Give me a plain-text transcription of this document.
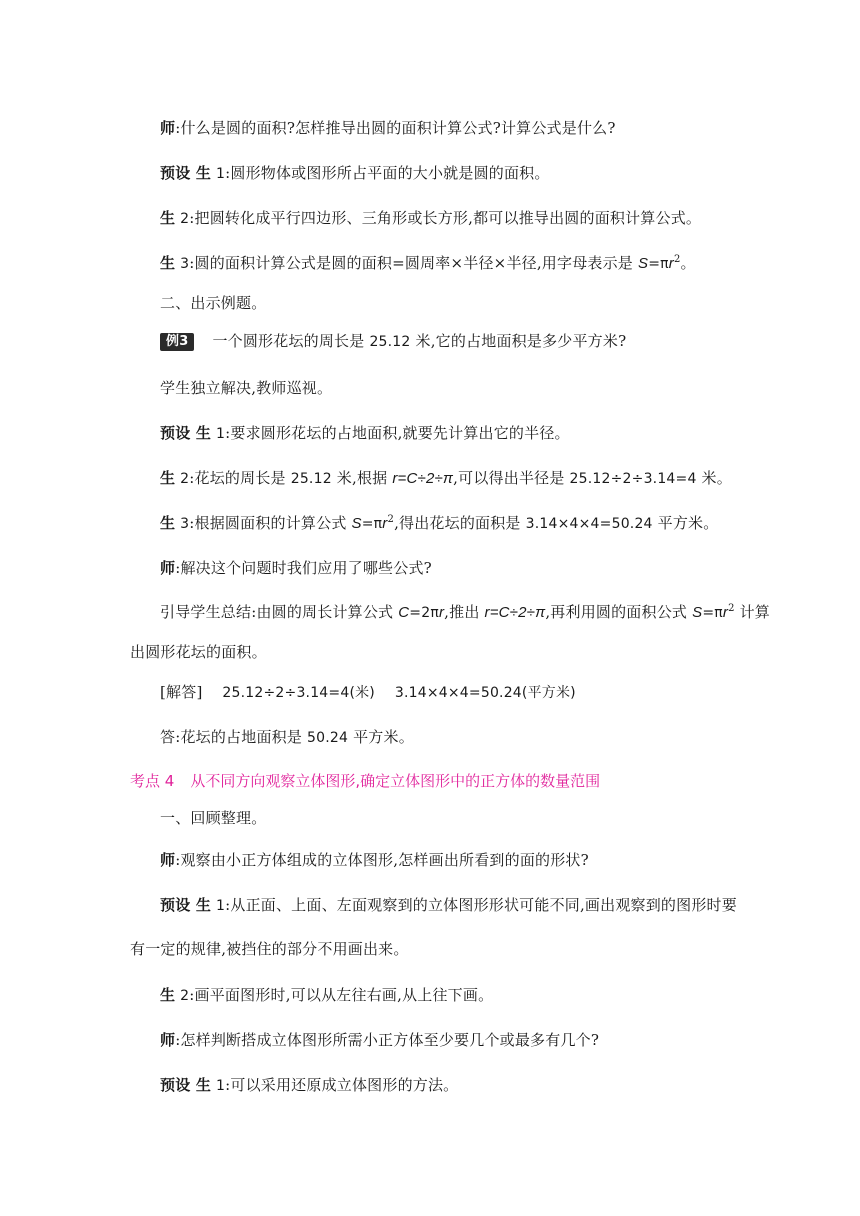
师:什么是圆的面积?怎样推导出圆的面积计算公式?计算公式是什么?
预设 生 1:圆形物体或图形所占平面的大小就是圆的面积。
生 2:把圆转化成平行四边形、三角形或长方形,都可以推导出圆的面积计算公式。
生 3:圆的面积计算公式是圆的面积=圆周率×半径×半径,用字母表示是 $S=\pi r^2$。
二、出示例题。
例3 一个圆形花坛的周长是 25.12 米,它的占地面积是多少平方米?
学生独立解决,教师巡视。
预设 生 1:要求圆形花坛的占地面积,就要先计算出它的半径。
生 2:花坛的周长是 25.12 米,根据 r=C÷2÷π,可以得出半径是 25.12÷2÷3.14=4 米。
生 3:根据圆面积的计算公式 $S=\pi r^2$,得出花坛的面积是 3.14×4×4=50.24 平方米。
师:解决这个问题时我们应用了哪些公式?
引导学生总结:由圆的周长计算公式 C=2πr,推出 r=C÷2÷π,再利用圆的面积公式 $S=\pi r^2$ 计算
出圆形花坛的面积。
[解答] 25.12÷2÷3.14=4(米) 3.14×4×4=50.24(平方米)
答:花坛的占地面积是 50.24 平方米。
考点 4 从不同方向观察立体图形,确定立体图形中的正方体的数量范围
一、回顾整理。
师:观察由小正方体组成的立体图形,怎样画出所看到的面的形状?
预设 生 1:从正面、上面、左面观察到的立体图形形状可能不同,画出观察到的图形时要
有一定的规律,被挡住的部分不用画出来。
生 2:画平面图形时,可以从左往右画,从上往下画。
师:怎样判断搭成立体图形所需小正方体至少要几个或最多有几个?
预设 生 1:可以采用还原成立体图形的方法。
